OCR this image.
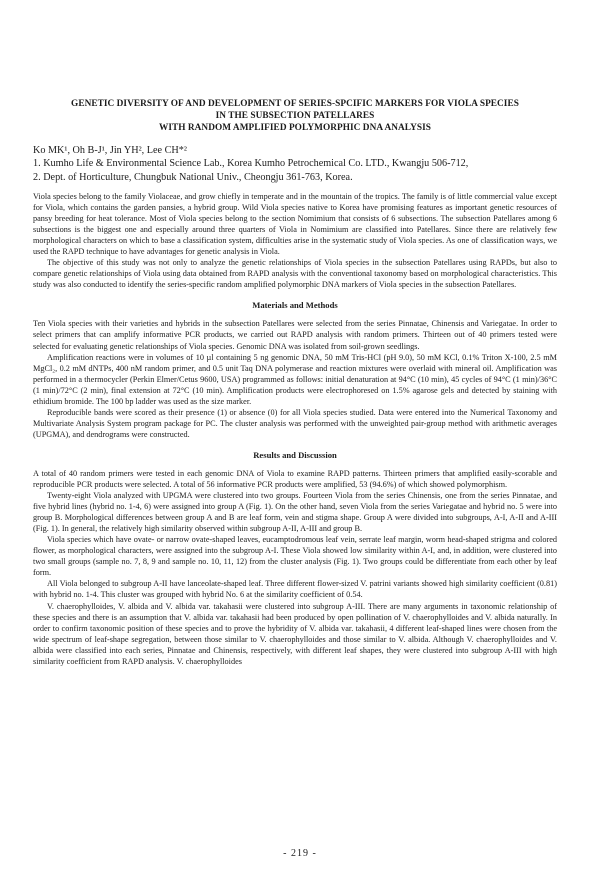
GENETIC DIVERSITY OF AND DEVELOPMENT OF SERIES-SPCIFIC MARKERS FOR VIOLA SPECIES
IN THE SUBSECTION PATELLARES
WITH RANDOM AMPLIFIED POLYMORPHIC DNA ANALYSIS
Ko MK¹, Oh B-J¹, Jin YH², Lee CH*²
1. Kumho Life & Environmental Science Lab., Korea Kumho Petrochemical Co. LTD., Kwangju 506-712,
2. Dept. of Horticulture, Chungbuk National Univ., Cheongju 361-763, Korea.

Viola species belong to the family Violaceae, and grow chiefly in temperate and in the mountain of the tropics. The family is of little commercial value except for Viola, which contains the garden pansies, a hybrid group. Wild Viola species native to Korea have promising features as important genetic resources of pansy breeding for heat tolerance. Most of Viola species belong to the section Nomimium that consists of 6 subsections. The subsection Patellares among 6 subsections is the biggest one and especially around three quarters of Viola in Nomimium are classified into Patellares. Since there are relatively few morphological characters on which to base a classification system, difficulties arise in the systematic study of Viola species. As one of classification ways, we used the RAPD technique to have advantages for genetic analysis in Viola.

The objective of this study was not only to analyze the genetic relationships of Viola species in the subsection Patellares using RAPDs, but also to compare genetic relationships of Viola using data obtained from RAPD analysis with the conventional taxonomy based on morphological characteristics. This study was also conducted to identify the series-specific random amplified polymorphic DNA markers of Viola species in the subsection Patellares.

Materials and Methods

Ten Viola species with their varieties and hybrids in the subsection Patellares were selected from the series Pinnatae, Chinensis and Variegatae. In order to select primers that can amplify informative PCR products, we carried out RAPD analysis with random primers. Thirteen out of 40 primers tested were selected for evaluating genetic relationships of Viola species. Genomic DNA was isolated from soil-grown seedlings.

Amplification reactions were in volumes of 10 µl containing 5 ng genomic DNA, 50 mM Tris-HCl (pH 9.0), 50 mM KCl, 0.1% Triton X-100, 2.5 mM MgCl₂, 0.2 mM dNTPs, 400 nM random primer, and 0.5 unit Taq DNA polymerase and reaction mixtures were overlaid with mineral oil. Amplification was performed in a thermocycler (Perkin Elmer/Cetus 9600, USA) programmed as follows: initial denaturation at 94°C (10 min), 45 cycles of 94°C (1 min)/36°C (1 min)/72°C (2 min), final extension at 72°C (10 min). Amplification products were electrophoresed on 1.5% agarose gels and detected by staining with ethidium bromide. The 100 bp ladder was used as the size marker.

Reproducible bands were scored as their presence (1) or absence (0) for all Viola species studied. Data were entered into the Numerical Taxonomy and Multivariate Analysis System program package for PC. The cluster analysis was performed with the unweighted pair-group method with arithmetic averages (UPGMA), and dendrograms were constructed.

Results and Discussion

A total of 40 random primers were tested in each genomic DNA of Viola to examine RAPD patterns. Thirteen primers that amplified easily-scorable and reproducible PCR products were selected. A total of 56 informative PCR products were amplified, 53 (94.6%) of which showed polymorphism.

Twenty-eight Viola analyzed with UPGMA were clustered into two groups. Fourteen Viola from the series Chinensis, one from the series Pinnatae, and five hybrid lines (hybrid no. 1-4, 6) were assigned into group A (Fig. 1). On the other hand, seven Viola from the series Variegatae and hybrid no. 5 were into group B. Morphological differences between group A and B are leaf form, vein and stigma shape. Group A were divided into subgroups, A-I, A-II and A-III (Fig. 1). In general, the relatively high similarity observed within subgroup A-II, A-III and group B.

Viola species which have ovate- or narrow ovate-shaped leaves, eucamptodromous leaf vein, serrate leaf margin, worm head-shaped strigma and colored flower, as morphological characters, were assigned into the subgroup A-I. These Viola showed low similarity within A-I, and, in addition, were clustered into two small groups (sample no. 7, 8, 9 and sample no. 10, 11, 12) from the cluster analysis (Fig. 1). Two groups could be differentiate from each other by leaf form.

All Viola belonged to subgroup A-II have lanceolate-shaped leaf. Three different flower-sized V. patrini variants showed high similarity coefficient (0.81) with hybrid no. 1-4. This cluster was grouped with hybrid No. 6 at the similarity coefficient of 0.54.

V. chaerophylloides, V. albida and V. albida var. takahasii were clustered into subgroup A-III. There are many arguments in taxonomic relationship of these species and there is an assumption that V. albida var. takahasii had been produced by open pollination of V. chaerophylloides and V. albida naturally. In order to confirm taxonomic position of these species and to prove the hybridity of V. albida var. takahasii, 4 different leaf-shaped lines were chosen from the wide spectrum of leaf-shape segregation, between those similar to V. chaerophylloides and those similar to V. albida. Although V. chaerophylloides and V. albida were classified into each series, Pinnatae and Chinensis, respectively, with different leaf shapes, they were clustered into subgroup A-III with high similarity coefficient from RAPD analysis. V. chaerophylloides

- 219 -
